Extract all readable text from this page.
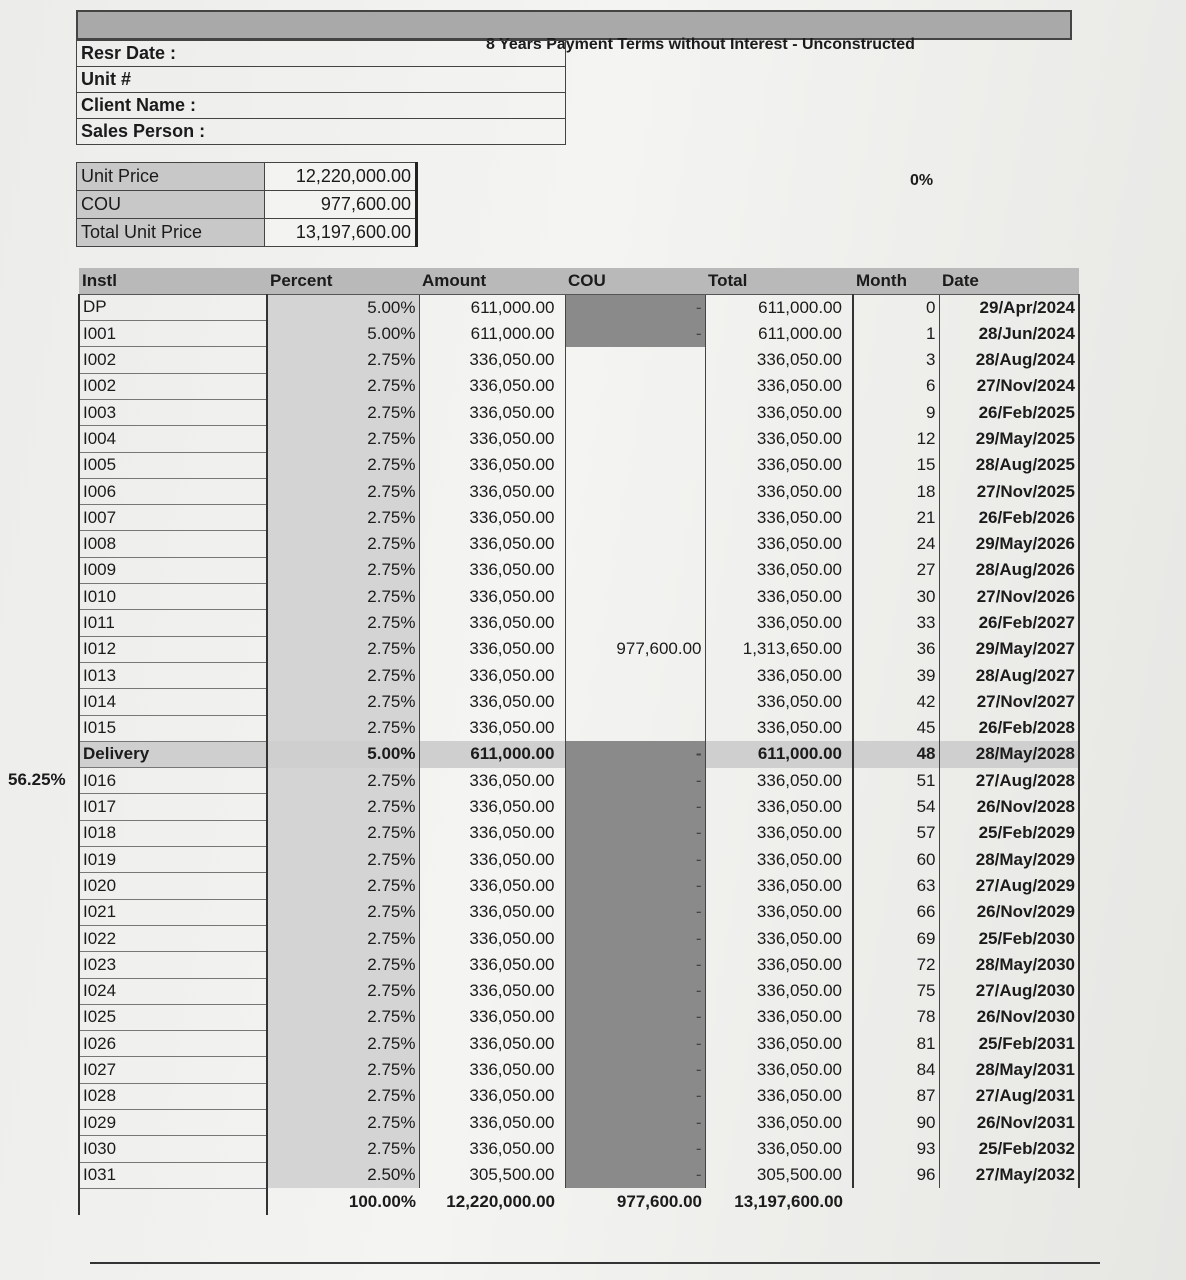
8 Years Payment Terms without Interest - Unconstructed
Resr Date :
Unit #
Client Name :
Sales Person :
Unit Price	12,220,000.00
COU	977,600.00
Total Unit Price	13,197,600.00
0%
56.25%
Instl	Percent	Amount	COU	Total	Month	Date
DP	5.00%	611,000.00	-	611,000.00	0	29/Apr/2024
I001	5.00%	611,000.00	-	611,000.00	1	28/Jun/2024
I002	2.75%	336,050.00		336,050.00	3	28/Aug/2024
I002	2.75%	336,050.00		336,050.00	6	27/Nov/2024
I003	2.75%	336,050.00		336,050.00	9	26/Feb/2025
I004	2.75%	336,050.00		336,050.00	12	29/May/2025
I005	2.75%	336,050.00		336,050.00	15	28/Aug/2025
I006	2.75%	336,050.00		336,050.00	18	27/Nov/2025
I007	2.75%	336,050.00		336,050.00	21	26/Feb/2026
I008	2.75%	336,050.00		336,050.00	24	29/May/2026
I009	2.75%	336,050.00		336,050.00	27	28/Aug/2026
I010	2.75%	336,050.00		336,050.00	30	27/Nov/2026
I011	2.75%	336,050.00		336,050.00	33	26/Feb/2027
I012	2.75%	336,050.00	977,600.00	1,313,650.00	36	29/May/2027
I013	2.75%	336,050.00		336,050.00	39	28/Aug/2027
I014	2.75%	336,050.00		336,050.00	42	27/Nov/2027
I015	2.75%	336,050.00		336,050.00	45	26/Feb/2028
Delivery	5.00%	611,000.00	-	611,000.00	48	28/May/2028
I016	2.75%	336,050.00	-	336,050.00	51	27/Aug/2028
I017	2.75%	336,050.00	-	336,050.00	54	26/Nov/2028
I018	2.75%	336,050.00	-	336,050.00	57	25/Feb/2029
I019	2.75%	336,050.00	-	336,050.00	60	28/May/2029
I020	2.75%	336,050.00	-	336,050.00	63	27/Aug/2029
I021	2.75%	336,050.00	-	336,050.00	66	26/Nov/2029
I022	2.75%	336,050.00	-	336,050.00	69	25/Feb/2030
I023	2.75%	336,050.00	-	336,050.00	72	28/May/2030
I024	2.75%	336,050.00	-	336,050.00	75	27/Aug/2030
I025	2.75%	336,050.00	-	336,050.00	78	26/Nov/2030
I026	2.75%	336,050.00	-	336,050.00	81	25/Feb/2031
I027	2.75%	336,050.00	-	336,050.00	84	28/May/2031
I028	2.75%	336,050.00	-	336,050.00	87	27/Aug/2031
I029	2.75%	336,050.00	-	336,050.00	90	26/Nov/2031
I030	2.75%	336,050.00	-	336,050.00	93	25/Feb/2032
I031	2.50%	305,500.00	-	305,500.00	96	27/May/2032
	100.00%	12,220,000.00	977,600.00	13,197,600.00		
